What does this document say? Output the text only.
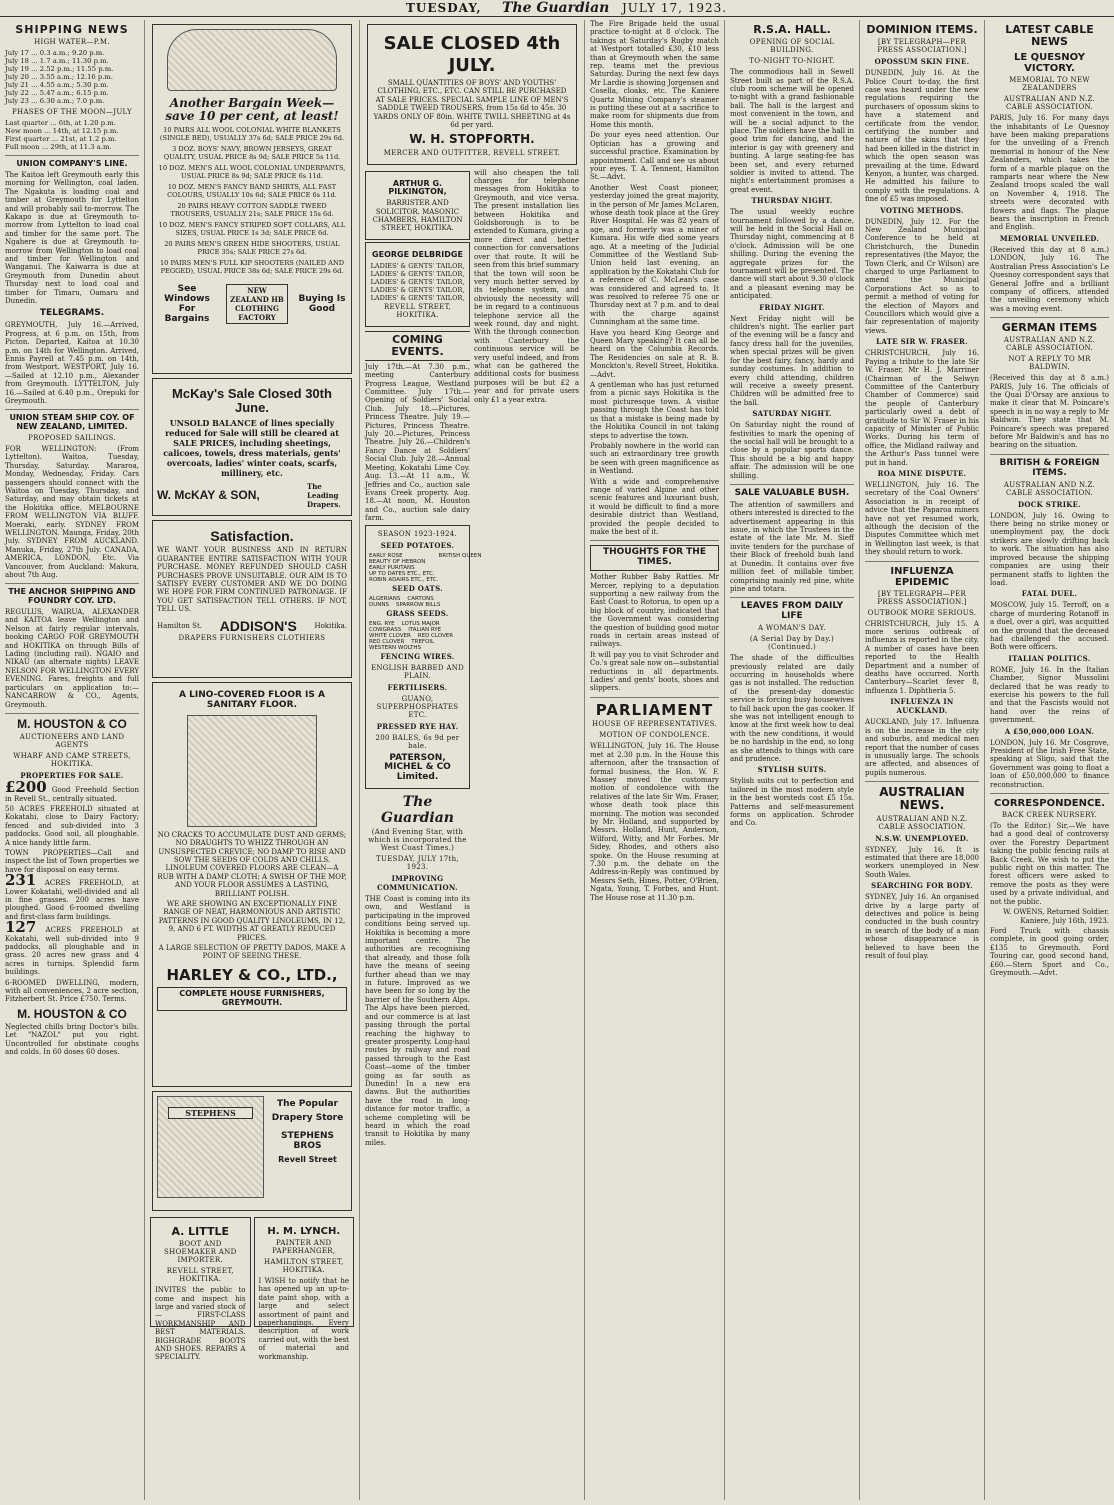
TUESDAY, The Guardian JULY 17, 1923.
SHIPPING NEWS
HIGH WATER—P.M.
July 17 ... 0.3 a.m.; 9.20 p.m.
July 18 ... 1.7 a.m.; 11.30 p.m.
July 19 ... 2.52 p.m.; 11.55 p.m.
July 20 ... 3.55 a.m.; 12.16 p.m.
July 21 ... 4.55 a.m.; 5.30 p.m.
July 22 ... 5.47 a.m.; 6.15 p.m.
July 23 ... 6.30 a.m.; 7.0 p.m.
PHASES OF THE MOON—JULY
Last quarter ... 6th, at 1.20 p.m.
New moon ... 14th, at 12.15 p.m.
First quarter ... 21st, at 1.2 p.m.
Full moon ... 29th, at 11.3 a.m.
UNION COMPANY'S LINE.

The Kaitoa left Greymouth early this morning for Wellington, coal laden. The Ngakuta is loading coal and timber at Greymouth for Lyttelton and will probably sail to-morrow. The Kakapo is due at Greymouth to-morrow from Lyttelton to load coal and timber for the same port. The Ngahere is due at Greymouth to-morrow from Wellington to load coal and timber for Wellington and Wanganui. The Kaiwarra is due at Greymouth from Dunedin about Thursday next to load coal and timber for Timaru, Oamaru and Dunedin.

TELEGRAMS.

GREYMOUTH, July 16.—Arrived, Progress, at 6 p.m. on 15th, from Picton. Departed, Kaitoa at 10.30 p.m. on 14th for Wellington. Arrived, Ennis Payrell at 7.45 p.m. on 14th, from Westport. WESTPORT, July 16.—Sailed at 12.10 p.m., Alexander from Greymouth. LYTTELTON, July 16.—Sailed at 6.40 p.m., Orepuki for Greymouth.

UNION STEAM SHIP COY. OF NEW ZEALAND, LIMITED.
PROPOSED SAILINGS.

FOR WELLINGTON: (From Lyttelton). Waitoa, Tuesday, Thursday, Saturday. Mararoa, Monday, Wednesday, Friday. Cars passengers should connect with the Waitoa on Tuesday, Thursday, and Saturday, and may obtain tickets at the Hokitika office. MELBOURNE FROM WELLINGTON VIA BLUFF. Moeraki, early. SYDNEY FROM WELLINGTON. Maunga, Friday, 20th July. SYDNEY FROM AUCKLAND. Manuka, Friday, 27th July. CANADA, AMERICA, LONDON, Etc. Via Vancouver, from Auckland: Makura, about 7th Aug.

THE ANCHOR SHIPPING AND FOUNDRY COY. LTD.

REGULUS, WAIRUA, ALEXANDER and KAITOA leave Wellington and Nelson at fairly regular intervals, booking CARGO FOR GREYMOUTH and HOKITIKA on through Bills of Lading (including rail). NGAIO and NIKAU (an alternate nights) LEAVE NELSON FOR WELLINGTON EVERY EVENING. Fares, freights and full particulars on application to:— NANCARROW & CO., Agents, Greymouth.

M. HOUSTON & CO
AUCTIONEERS AND LAND AGENTS
WHARF AND CAMP STREETS, HOKITIKA.
PROPERTIES FOR SALE.

£200 Good Freehold Section in Revell St., centrally situated.

50 ACRES FREEHOLD situated at Kokatahi, close to Dairy Factory; fenced and sub-divided into 3 paddocks. Good soil, all ploughable. A nice handy little farm.

TOWN PROPERTIES—Call and inspect the list of Town properties we have for disposal on easy terms.

231 ACRES FREEHOLD, at Lower Kokatahi, well-divided and all in fine grasses. 200 acres have ploughed. Good 6-roomed dwelling and first-class farm buildings.

127 ACRES FREEHOLD at Kokatahi, well sub-divided into 9 paddocks, all ploughable and in grass. 20 acres new grass and 4 acres in turnips. Splendid farm buildings.

6-ROOMED DWELLING, modern, with all conveniences, 2 acre section, Fitzherbert St. Price £750. Terms.

M. HOUSTON & CO

Neglected chills bring Doctor's bills. Let "NAZOL" put you right. Uncontrolled for obstinate coughs and colds. In 60 doses 60 doses.

Another Bargain Week—save 10 per cent, at least!
10 PAIRS ALL WOOL COLONIAL WHITE BLANKETS (SINGLE BED), USUALLY 37s 6d; SALE PRICE 29s 6d.
3 DOZ. BOYS' NAVY, BROWN JERSEYS, GREAT QUALITY, USUAL PRICE 8s 9d; SALE PRICE 5s 11d.
10 DOZ. MEN'S ALL WOOL COLONIAL UNDERPANTS, USUAL PRICE 8s 9d; SALE PRICE 6s 11d.
10 DOZ. MEN'S FANCY BAND SHIRTS, ALL FAST COLOURS, USUALLY 10s 6d; SALE PRICE 6s 11d.
20 PAIRS HEAVY COTTON SADDLE TWEED TROUSERS, USUALLY 21s; SALE PRICE 15s 6d.
10 DOZ. MEN'S FANCY STRIPED SOFT COLLARS, ALL SIZES, USUAL PRICE 1s 3d; SALE PRICE 6d.
20 PAIRS MEN'S GREEN HIDE SHOOTERS, USUAL PRICE 35s; SALE PRICE 27s 6d.
10 PAIRS MEN'S FULL KIP SHOOTERS (NAILED AND PEGGED), USUAL PRICE 38s 6d; SALE PRICE 29s 6d.
See Windows For Bargains
NEW ZEALAND HB CLOTHING FACTORY
Buying Is Good
McKay's Sale Closed 30th June.

UNSOLD BALANCE of lines specially reduced for Sale will still be cleared at SALE PRICES, including sheetings, calicoes, towels, dress materials, gents' overcoats, ladies' winter coats, scarfs, millinery, etc.

W. McKAY & SON,
The Leading Drapers.
Satisfaction.

WE WANT YOUR BUSINESS AND IN RETURN GUARANTEE ENTIRE SATISFACTION WITH YOUR PURCHASE. MONEY REFUNDED SHOULD CASH PURCHASES PROVE UNSUITABLE. OUR AIM IS TO SATISFY EVERY CUSTOMER AND WE DO DOING WE HOPE FOR FIRM CONTINUED PATRONAGE. IF YOU GET SATISFACTION TELL OTHERS. IF NOT, TELL US.

Hamilton St. ADDISON'S	Hokitika.
DRAPERS FURNISHERS CLOTHIERS
A LINO-COVERED FLOOR IS A SANITARY FLOOR.

NO CRACKS TO ACCUMULATE DUST AND GERMS; NO DRAUGHTS TO WHIZZ THROUGH AN UNSUSPECTED CREVICE; NO DAMP TO RISE AND SOW THE SEEDS OF COLDS AND CHILLS. LINOLEUM COVERED FLOORS ARE CLEAN—A RUB WITH A DAMP CLOTH; A SWISH OF THE MOP, AND YOUR FLOOR ASSUMES A LASTING, BRILLIANT POLISH.

WE ARE SHOWING AN EXCEPTIONALLY FINE RANGE OF NEAT, HARMONIOUS AND ARTISTIC PATTERNS IN GOOD QUALITY LINOLEUMS, IN 12, 9, AND 6 FT. WIDTHS AT GREATLY REDUCED PRICES.

A LARGE SELECTION OF PRETTY DADOS, MAKE A POINT OF SEEING THESE.

HARLEY & CO., LTD.,
COMPLETE HOUSE FURNISHERS, GREYMOUTH.
STEPHENS
The Popular
Drapery Store
STEPHENS BROS
Revell Street
A. LITTLE
BOOT AND SHOEMAKER AND IMPORTER.
REVELL STREET, HOKITIKA.

INVITES the public to come and inspect his large and varied stock of— FIRST-CLASS WORKMANSHIP AND BEST MATERIALS. BIGHGRADE BOOTS AND SHOES. REPAIRS A SPECIALITY.

H. M. LYNCH.
PAINTER AND PAPERHANGER,
HAMILTON STREET, HOKITIKA.

I WISH to notify that he has opened up an up-to-date paint shop, with a large and select assortment of paint and paperhangings. Every description of work carried out, with the best of material and workmanship.

SALE CLOSED 4th JULY.

SMALL QUANTITIES OF BOYS' AND YOUTHS' CLOTHING, ETC., ETC. CAN STILL BE PURCHASED AT SALE PRICES. SPECIAL SAMPLE LINE OF MEN'S SADDLE TWEED TROUSERS, from 15s 6d to 45s. 30 YARDS ONLY OF 80in. WHITE TWILL SHEETING at 4s 6d per yard.

W. H. STOPFORTH.
MERCER AND OUTFITTER, REVELL STREET.
ARTHUR G. PILKINGTON,

BARRISTER AND SOLICITOR. MASONIC CHAMBERS, HAMILTON STREET, HOKITIKA.

GEORGE DELBRIDGE
LADIES' & GENTS' TAILOR,
LADIES' & GENTS' TAILOR,
LADIES' & GENTS' TAILOR,
LADIES' & GENTS' TAILOR,
LADIES' & GENTS' TAILOR,
REVELL STREET, HOKITIKA.
COMING EVENTS.

July 17th.—At 7.30 p.m., meeting Canterbury Progress League, Westland Committee. July 17th.—Opening of Soldiers' Social Club. July 18.—Pictures, Princess Theatre. July 19.—Pictures, Princess Theatre. July 20.—Pictures, Princess Theatre. July 26.—Children's Fancy Dance at Soldiers' Social Club. July 28.—Annual Meeting, Kokatahi Lime Coy. Aug. 13.—At 11 a.m., W. Jeffries and Co., auction sale Evans Creek property. Aug. 18.—At noon, M. Houston and Co., auction sale dairy farm.

SEASON 1923-1924.
SEED POTATOES.
EARLY ROSE
BEAUTY OF HEBRON
EARLY PURITANS
UP TO DATES ETC., ETC.
ROBIN ADAIRS ETC., ETC.
BRITISH QUEEN

SEED OATS.
ALGERIANS    CARTONS
DUNNS    SPARROW BILLS
GRASS SEEDS.
ENG. RYE    LOTUS MAJOR
COWGRASS    ITALIAN RYE
WHITE CLOVER    RED CLOVER
RED CLOVER    TREFOIL
WESTERN WOLTHS
FENCING WIRES.
ENGLISH BARBED AND PLAIN.
FERTILISERS.
GUANO, SUPERPHOSPHATES ETC.
PRESSED RYE HAY.
200 BALES, 6s 9d per bale.
PATERSON, MICHEL & CO Limited.
The Guardian
(And Evening Star, with which is incorporated the West Coast Times.)
TUESDAY, JULY 17th, 1923.
IMPROVING COMMUNICATION.

THE Coast is coming into its own, and Westland is participating in the improved conditions being served up. Hokitika is becoming a more important centre. The authorities are recognising that already, and those folk have the means of seeing further ahead than we may in future. Improved as we have been for so long by the barrier of the Southern Alps. The Alps have been pierced, and our commerce is at last passing through the portal reaching the highway to greater prosperity. Long-haul routes by railway and road passed through to the East Coast—some of the timber going as far south as Dunedin! In a new era dawns. But the authorities have the road in long-distance for motor traffic, a scheme completing will be heard in which the road transit to Hokitika by many miles.

will also cheapen the toll charges for telephone messages from Hokitika to Greymouth, and vice versa. The present installation lies between Hokitika and Goldsborough is to be extended to Kumara, giving a more direct and better connection for conversations over that route. It will be seen from this brief summary that the town will soon be very much better served by its telephone system, and obviously the necessity will be in regard to a continuous telephone service all the week round, day and night. With the through connection with Canterbury the continuous service will be very useful indeed, and from what can be gathered the additional costs for business purposes will be but £2 a year and for private users only £1 a year extra.

The Fire Brigade held the usual practice to-night at 8 o'clock. The takings at Saturday's Rugby match at Westport totalled £30, £10 less than at Greymouth when the same rep. teams met the previous Saturday. During the next few days Mr Lardie is showing Jorgensen and Cosella, cloaks, etc. The Kaniere Quartz Mining Company's steamer is putting these out at a sacrifice to make room for shipments due from Home this month.

Do your eyes need attention. Our Optician has a growing and successful practice. Examination by appointment. Call and see us about your eyes. T. A. Tennent, Hamilton St.—Advt.

Another West Coast pioneer, yesterday joined the great majority, in the person of Mr James McLaren, whose death took place at the Grey River Hospital. He was 82 years of age, and formerly was a miner of Kumara. His wife died some years ago. At a meeting of the Judicial Committee of the Westland Sub-Union held last evening, an application by the Kokatahi Club for a reference of C. McLean's case was considered and agreed to. It was resolved to referee 75 one or Thursday next at 7 p.m. and to deal with the charge against Cunningham at the same time.

Have you heard King George and Queen Mary speaking? It can all be heard on the Columbia Records. The Residencies on sale at R. B. Monckton's, Revell Street, Hokitika.—Advt.

A gentleman who has just returned from a picnic says Hokitika is the most picturesque town. A visitor passing through the Coast has told us that a mistake is being made by the Hokitika Council in not taking steps to advertise the town.

Probably nowhere in the world can such an extraordinary tree growth be seen with green magnificence as in Westland.

With a wide and comprehensive range of varied Alpine and other scenic features and luxuriant bush, it would be difficult to find a more desirable district than Westland, provided the people decided to make the best of it.

THOUGHTS FOR THE TIMES.

Mother Rubber Baby Rattles. Mr Mercer, replying to a deputation supporting a new railway from the East Coast to Rotorua, to open up a big block of country, indicated that the Government was considering the question of building good motor roads in certain areas instead of railways.

It will pay you to visit Schroder and Co.'s great sale now on—substantial reductions in all departments. Ladies' and gents' boots, shoes and slippers.

PARLIAMENT
HOUSE OF REPRESENTATIVES.
MOTION OF CONDOLENCE.

WELLINGTON, July 16. The House met at 2.30 p.m. In the House this afternoon, after the transaction of formal business, the Hon. W. F. Massey moved the customary motion of condolence with the relatives of the late Sir Wm. Fraser, whose death took place this morning. The motion was seconded by Mr. Holland, and supported by Messrs. Holland, Hunt, Anderson, Wilford, Witty, and Mr Forbes. Mr Sidey, Rhodes, and others also spoke. On the House resuming at 7.30 p.m. the debate on the Address-in-Reply was continued by Messrs Seth, Hines, Potter, O'Brien, Ngata, Young, T. Forbes, and Hunt. The House rose at 11.30 p.m.

R.S.A. HALL.
OPENING OF SOCIAL BUILDING.
TO-NIGHT TO-NIGHT.

The commodious hall in Sewell Street built as part of the R.S.A. club room scheme will be opened to-night with a grand fashionable ball. The hall is the largest and most convenient in the town, and will be a social adjunct to the place. The soldiers have the hall in good trim for dancing, and the interior is gay with greenery and bunting. A large seating-fee has been set, and every returned soldier is invited to attend. The night's entertainment promises a great event.

THURSDAY NIGHT.

The usual weekly euchre tournament followed by a dance, will be held in the Social Hall on Thursday night, commencing at 8 o'clock. Admission will be one shilling. During the evening the aggregate prizes for the tournament will be presented. The dance will start about 9.30 o'clock and a pleasant evening may be anticipated.

FRIDAY NIGHT.

Next Friday night will be children's night. The earlier part of the evening will be a fancy and fancy dress ball for the juveniles, when special prizes will be given for the best fairy, fancy, hardy and sunday costumes. In addition to every child attending, children will receive a sweety present. Children will be admitted free to the ball.

SATURDAY NIGHT.

On Saturday night the round of festivities to mark the opening of the social hall will be brought to a close by a popular sports dance. This should be a big and happy affair. The admission will be one shilling.

SALE VALUABLE BUSH.

The attention of sawmillers and others interested is directed to the advertisement appearing in this issue, in which the Trustees in the estate of the late Mr. M. Sieff invite tenders for the purchase of their Block of freehold bush land at Dunedin. It contains over five million feet of millable timber, comprising mainly red pine, white pine and totara.

LEAVES FROM DAILY LIFE
A WOMAN'S DAY.
(A Serial Day by Day.) (Continued.)

The shade of the difficulties previously related are daily occurring in households where gas is not installed. The reduction of the present-day domestic service is forcing busy housewives to fall back upon the gas cooker. If she was not intelligent enough to know at the first week how to deal with the new conditions, it would be no hardship in the end, so long as she attends to things with care and prudence.

STYLISH SUITS.

Stylish suits cut to perfection and tailored in the most modern style in the best worsteds cost £5 15s. Patterns and self-measurement forms on application. Schroder and Co.

DOMINION ITEMS.
[BY TELEGRAPH—PER PRESS ASSOCIATION.]
OPOSSUM SKIN FINE.

DUNEDIN, July 16. At the Police Court to-day, the first case was heard under the new regulations requiring the purchasers of opossum skins to have a statement and certificate from the vendor, certifying the number and nature of the skins that they had been killed in the district in which the open season was prevailing at the time. Edward Kenyon, a hunter, was charged. He admitted his failure to comply with the regulations. A fine of £5 was imposed.

VOTING METHODS.

DUNEDIN, July 12. For the New Zealand Municipal Conference to be held at Christchurch, the Dunedin representatives (the Mayor, the Town Clerk, and Cr Wilson) are charged to urge Parliament to amend the Municipal Corporations Act so as to permit a method of voting for the election of Mayors and Councillors which would give a fair representation of majority views.

LATE SIR W. FRASER.

CHRISTCHURCH, July 16. Paying a tribute to the late Sir W. Fraser, Mr H. J. Marriner (Chairman of the Selwyn Committee of the Canterbury Chamber of Commerce) said the people of Canterbury particularly owed a debt of gratitude to Sir W. Fraser in his capacity of Minister of Public Works. During his term of office, the Midland railway and the Arthur's Pass tunnel were put in hand.

ROA MINE DISPUTE.

WELLINGTON, July 16. The secretary of the Coal Owners' Association is in receipt of advice that the Paparoa miners have not yet resumed work, although the decision of the Disputes Committee which met in Wellington last week, is that they should return to work.

INFLUENZA EPIDEMIC
[BY TELEGRAPH—PER PRESS ASSOCIATION.]
OUTBOOK MORE SERIOUS.

CHRISTCHURCH, July 15. A more serious outbreak of influenza is reported in the city. A number of cases have been reported to the Health Department and a number of deaths have occurred. North Canterbury—Scarlet fever 8, influenza 1. Diphtheria 5.

INFLUENZA IN AUCKLAND.

AUCKLAND, July 17. Influenza is on the increase in the city and suburbs, and medical men report that the number of cases is unusually large. The schools are affected, and absences of pupils numerous.

AUSTRALIAN NEWS.
AUSTRALIAN AND N.Z. CABLE ASSOCIATION.
N.S.W. UNEMPLOYED.

SYDNEY, July 16. It is estimated that there are 18,000 workers unemployed in New South Wales.

SEARCHING FOR BODY.

SYDNEY, July 16. An organised drive by a large party of detectives and police is being conducted in the bush country in search of the body of a man whose disappearance is believed to have been the result of foul play.

LATEST CABLE NEWS
LE QUESNOY VICTORY.
MEMORIAL TO NEW ZEALANDERS
AUSTRALIAN AND N.Z. CABLE ASSOCIATION.

PARIS, July 16. For many days the inhabitants of Le Quesnoy have been making preparations for the unveiling of a French memorial in honour of the New Zealanders, which takes the form of a marble plaque on the ramparts near where the New Zealand troops scaled the wall on November 4, 1918. The streets were decorated with flowers and flags. The plaque bears the inscription in French and English.

MEMORIAL UNVEILED.

(Received this day at 8 a.m.) LONDON, July 16. The Australian Press Association's Le Quesnoy correspondent says that General Joffre and a brilliant company of officers, attended the unveiling ceremony which was a moving event.

GERMAN ITEMS
AUSTRALIAN AND N.Z. CABLE ASSOCIATION.
NOT A REPLY TO MR BALDWIN.

(Received this day at 8 a.m.) PARIS, July 16. The officials of the Quai D'Orsay are anxious to make it clear that M. Poincare's speech is in no way a reply to Mr Baldwin. They state that M. Poincare's speech was prepared before Mr Baldwin's and has no bearing on the situation.

BRITISH & FOREIGN ITEMS.
AUSTRALIAN AND N.Z. CABLE ASSOCIATION.
DOCK STRIKE.

LONDON, July 16. Owing to there being no strike money or unemployment pay, the dock strikers are slowly drifting back to work. The situation has also improved because the shipping companies are using their permanent staffs to lighten the load.

FATAL DUEL.

MOSCOW, July 15. Terroff, on a charge of murdering Rotanoff in a duel, over a girl, was acquitted on the ground that the deceased had challenged the accused. Both were officers.

ITALIAN POLITICS.

ROME, July 16. In the Italian Chamber, Signor Mussolini declared that he was ready to exercise his powers to the full and that the Fascists would not hand over the reins of government.

A £50,000,000 LOAN.

LONDON, July 16. Mr Cosgrove, President of the Irish Free State, speaking at Sligo, said that the Government was going to float a loan of £50,000,000 to finance reconstruction.

CORRESPONDENCE.
BACK CREEK NURSERY.

(To the Editor.) Sir,—We have had a good deal of controversy over the Forestry Department taking the public fencing rails at Back Creek. We wish to put the public right on this matter. The forest officers were asked to remove the posts as they were used by a private individual, and not the public.

W. OWENS, Returned Soldier. Kaniere, July 16th, 1923.

Ford Truck with chassis complete, in good going order, £135 to Greymouth. Ford Touring car, good second hand, £60.—Stern Sport and Co., Greymouth.—Advt.
